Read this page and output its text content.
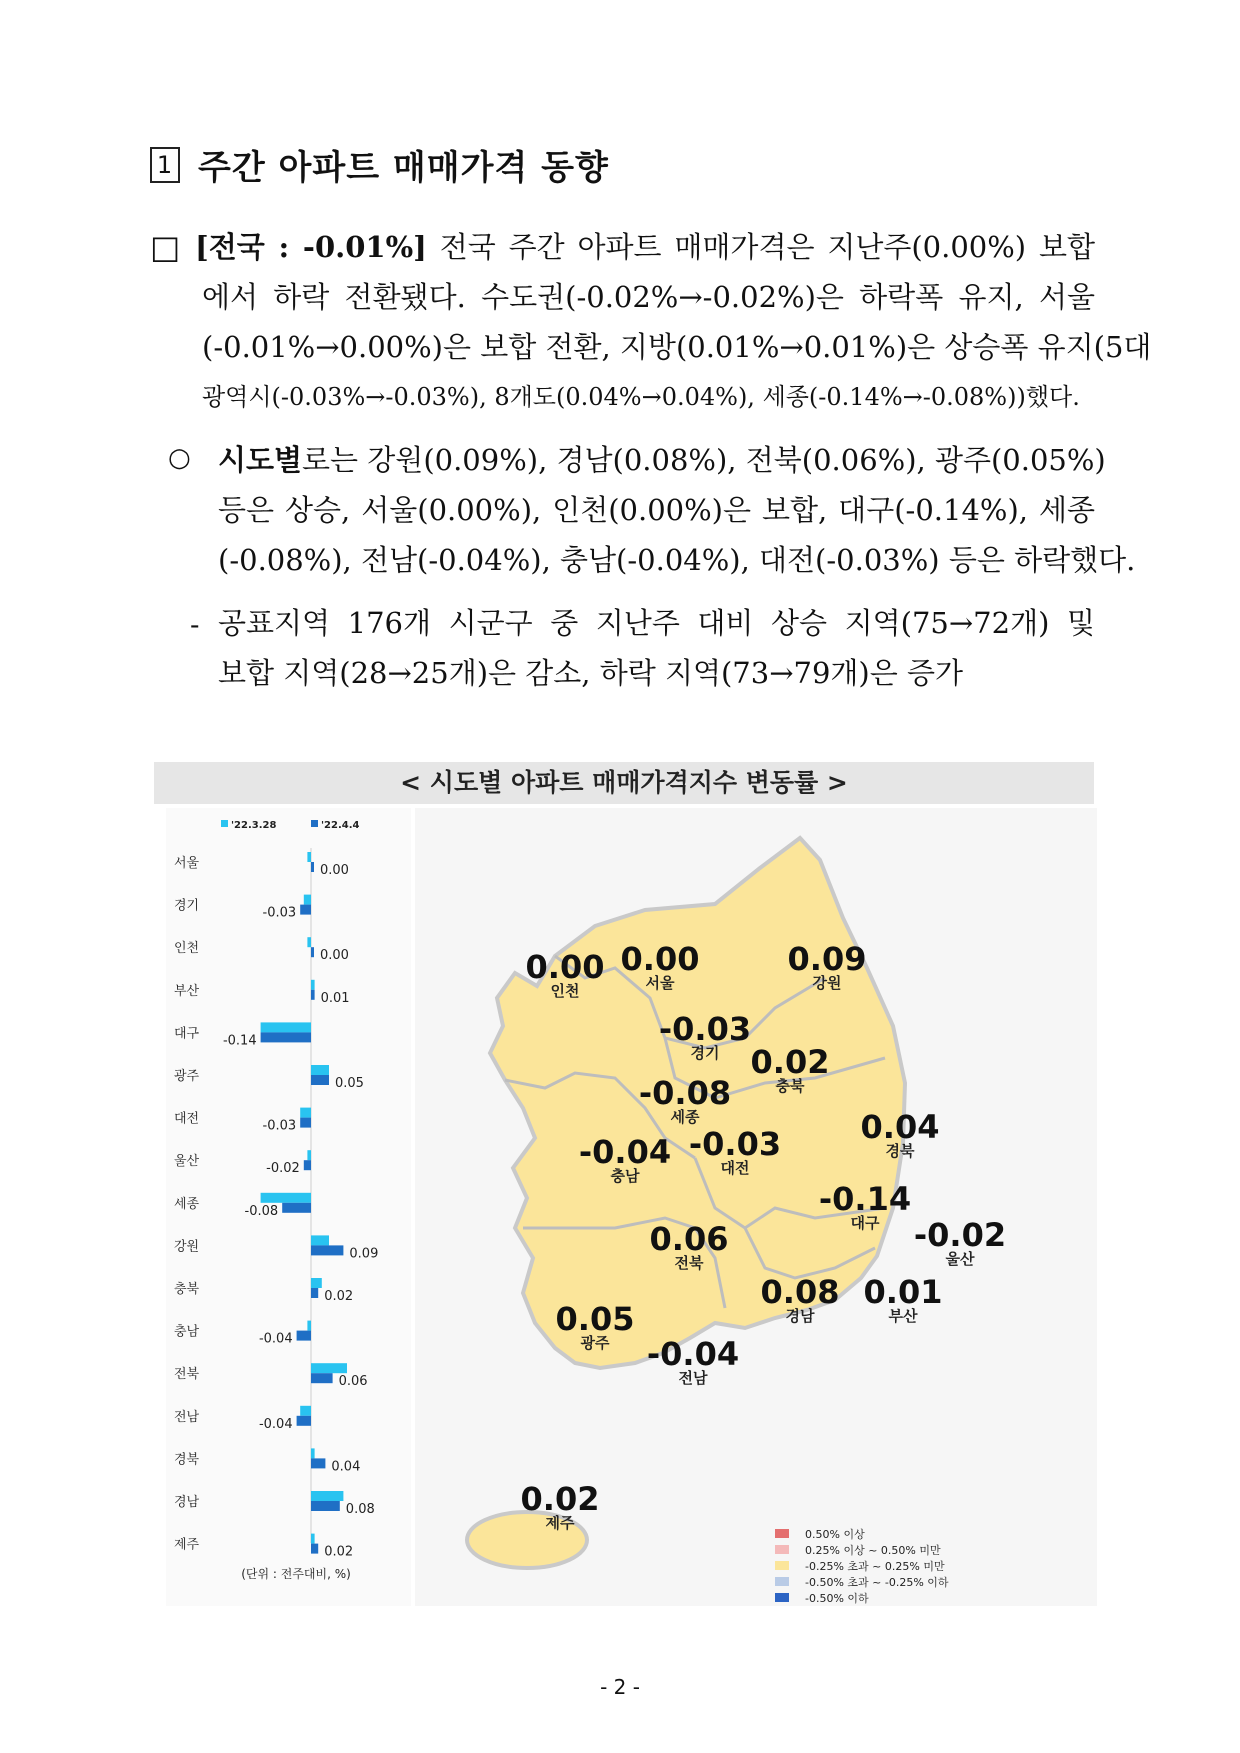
1 주간 아파트 매매가격 동향
□ [전국 : -0.01%] 전국 주간 아파트 매매가격은 지난주(0.00%) 보합
에서 하락 전환됐다. 수도권(-0.02%→-0.02%)은 하락폭 유지, 서울
(-0.01%→0.00%)은 보합 전환, 지방(0.01%→0.01%)은 상승폭 유지(5대
광역시(-0.03%→-0.03%), 8개도(0.04%→0.04%), 세종(-0.14%→-0.08%))했다.
○ 시도별로는 강원(0.09%), 경남(0.08%), 전북(0.06%), 광주(0.05%)
등은 상승, 서울(0.00%), 인천(0.00%)은 보합, 대구(-0.14%), 세종
(-0.08%), 전남(-0.04%), 충남(-0.04%), 대전(-0.03%) 등은 하락했다.
- 공표지역 176개 시군구 중 지난주 대비 상승 지역(75→72개) 및
보합 지역(28→25개)은 감소, 하락 지역(73→79개)은 증가
< 시도별 아파트 매매가격지수 변동률 >
'22.3.28	'22.4.4
서울	0.00
경기	-0.03
인천	0.00
부산	0.01
대구 -0.14
광주	0.05
대전	-0.03
울산	-0.02
세종	-0.08
강원	0.09
충북	0.02
충남	-0.04
전북	0.06
전남	-0.04
경북	0.04
경남	0.08
제주	0.02
(단위 : 전주대비, %)
0.00
인천
0.00
서울
0.09
강원
-0.03
경기 0.02
충북
-0.08
세종	0.04
경북
-0.04
충남
-0.03
대전
-0.14
대구 -0.02
울산
0.06
전북
0.08
경남
0.01
부산
0.05
광주 -0.04
전남
0.02
제주
0.50% 이상
0.25% 이상 ~ 0.50% 미만
-0.25% 초과 ~ 0.25% 미만
-0.50% 초과 ~ -0.25% 이하
-0.50% 이하
- 2 -
